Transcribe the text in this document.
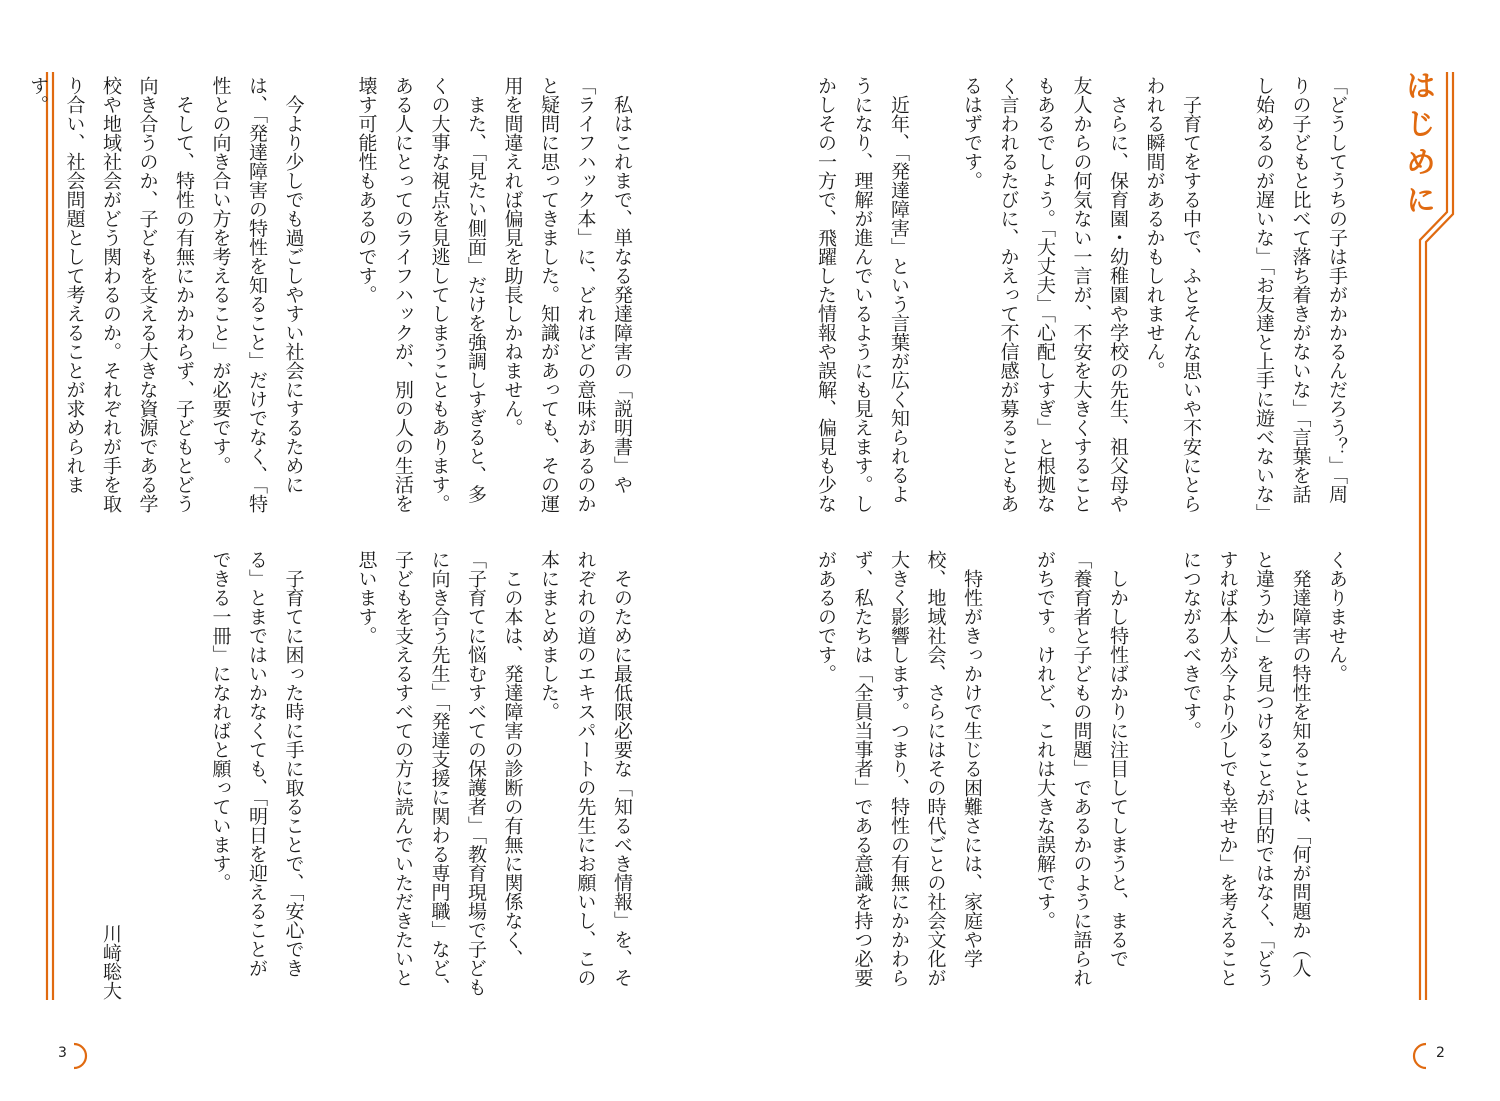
はじめに

「どうしてうちの子は手がかかるんだろう？」「周

りの子どもと比べて落ち着きがないな」「言葉を話

し始めるのが遅いな」「お友達と上手に遊べないな」

　子育てをする中で、ふとそんな思いや不安にとら

われる瞬間があるかもしれません。

　さらに、保育園・幼稚園や学校の先生、祖父母や

友人からの何気ない一言が、不安を大きくすること

もあるでしょう。「大丈夫」「心配しすぎ」と根拠な

く言われるたびに、かえって不信感が募ることもあ

るはずです。

　近年、「発達障害」という言葉が広く知られるよ

うになり、理解が進んでいるようにも見えます。し

かしその一方で、飛躍した情報や誤解、偏見も少な

くありません。

　発達障害の特性を知ることは、「何が問題か（人

と違うか）」を見つけることが目的ではなく、「どう

すれば本人が今より少しでも幸せか」を考えること

につながるべきです。

　しかし特性ばかりに注目してしまうと、まるで

「養育者と子どもの問題」であるかのように語られ

がちです。けれど、これは大きな誤解です。

　特性がきっかけで生じる困難さには、家庭や学

校、地域社会、さらにはその時代ごとの社会文化が

大きく影響します。つまり、特性の有無にかかわら

ず、私たちは「全員当事者」である意識を持つ必要

があるのです。

　私はこれまで、単なる発達障害の「説明書」や

「ライフハック本」に、どれほどの意味があるのか

と疑問に思ってきました。知識があっても、その運

用を間違えれば偏見を助長しかねません。

　また、「見たい側面」だけを強調しすぎると、多

くの大事な視点を見逃してしまうこともあります。

ある人にとってのライフハックが、別の人の生活を

壊す可能性もあるのです。

　今より少しでも過ごしやすい社会にするために

は、「発達障害の特性を知ること」だけでなく、「特

性との向き合い方を考えること」が必要です。

　そして、特性の有無にかかわらず、子どもとどう

向き合うのか、子どもを支える大きな資源である学

校や地域社会がどう関わるのか。それぞれが手を取

り合い、社会問題として考えることが求められます。

　そのために最低限必要な「知るべき情報」を、そ

れぞれの道のエキスパートの先生にお願いし、この

本にまとめました。

　この本は、発達障害の診断の有無に関係なく、

「子育てに悩むすべての保護者」「教育現場で子ども

に向き合う先生」「発達支援に関わる専門職」など、

子どもを支えるすべての方に読んでいただきたいと

思います。

　子育てに困った時に手に取ることで、「安心でき

る」とまではいかなくても、「明日を迎えることが

できる一冊」になればと願っています。

川﨑聡大

2
3
